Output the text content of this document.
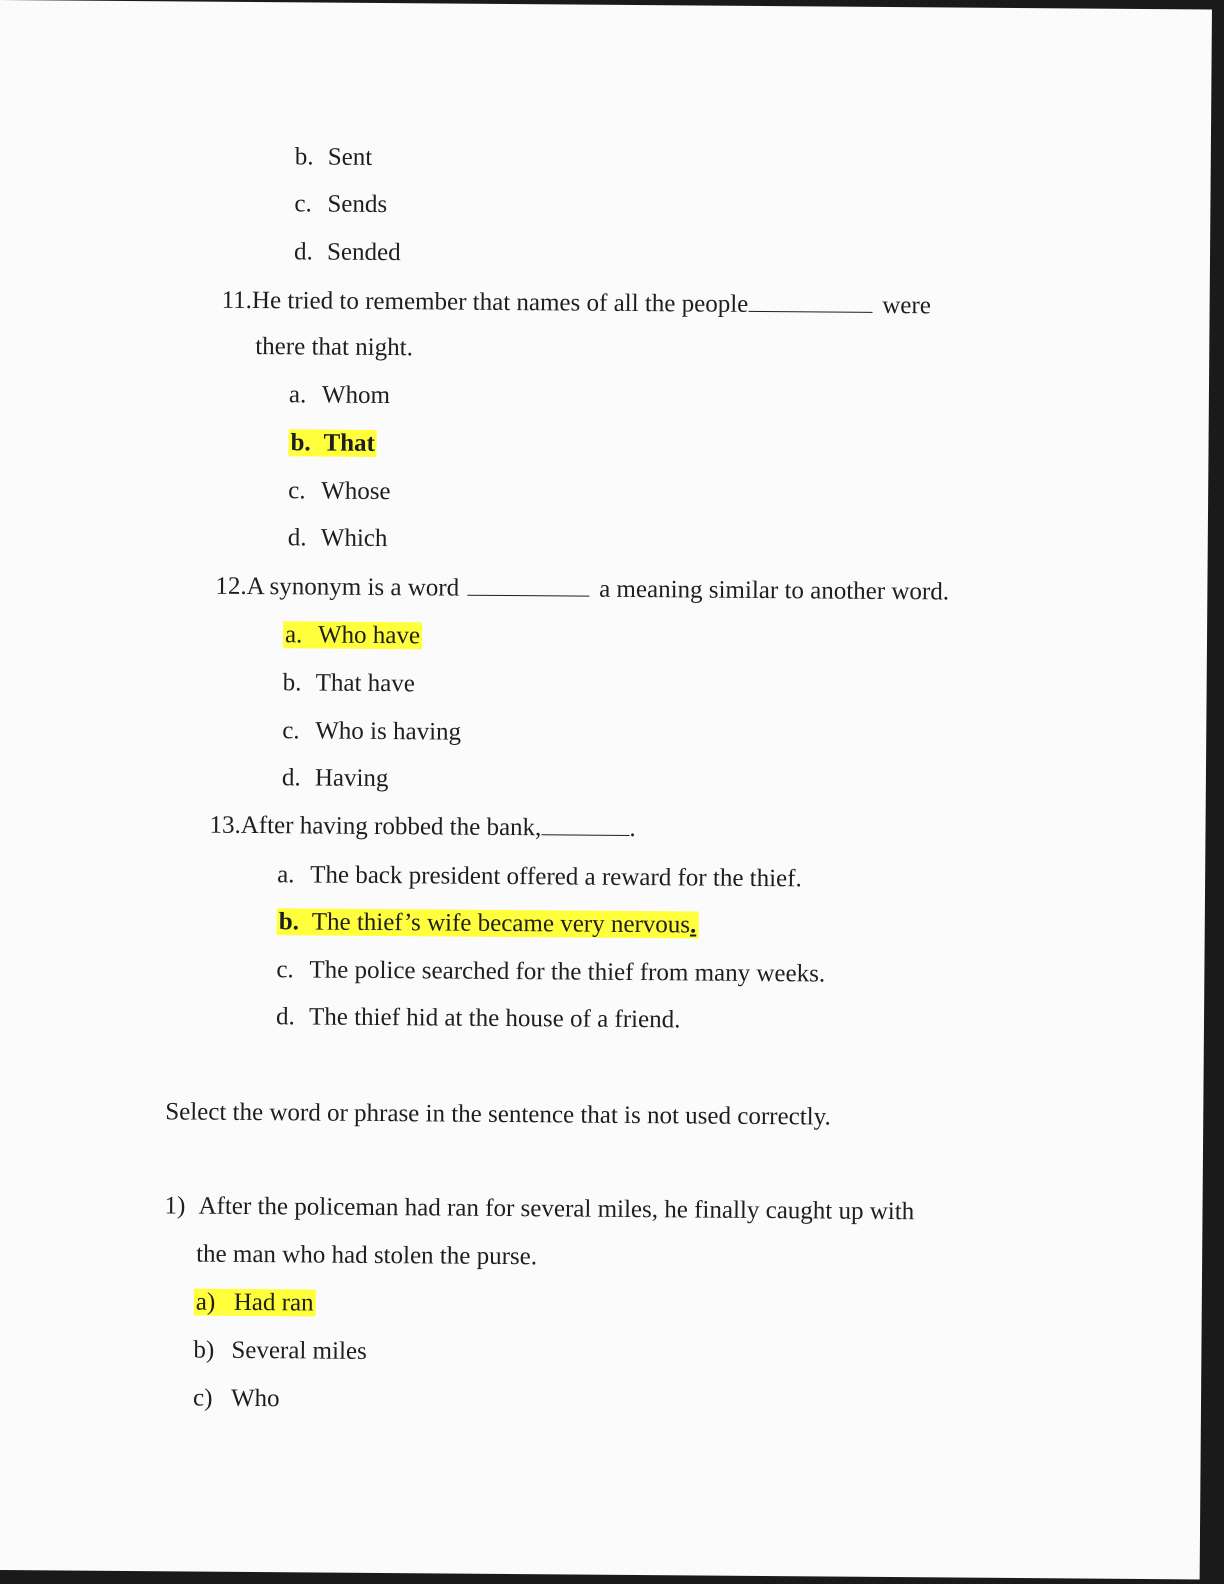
b. Sent
c. Sends
d. Sended
11.He tried to remember that names of all the people	were
there that night.
a. Whom
b. That
c. Whose
d. Which
12.A synonym is a word	a meaning similar to another word.
a. Who have
b. That have
c. Who is having
d. Having
13.After having robbed the bank,	.
a. The back president offered a reward for the thief.
b. The thief’s wife became very nervous.
c. The police searched for the thief from many weeks.
d. The thief hid at the house of a friend.
Select the word or phrase in the sentence that is not used correctly.
1) After the policeman had ran for several miles, he finally caught up with
the man who had stolen the purse.
a) Had ran
b) Several miles
c) Who
